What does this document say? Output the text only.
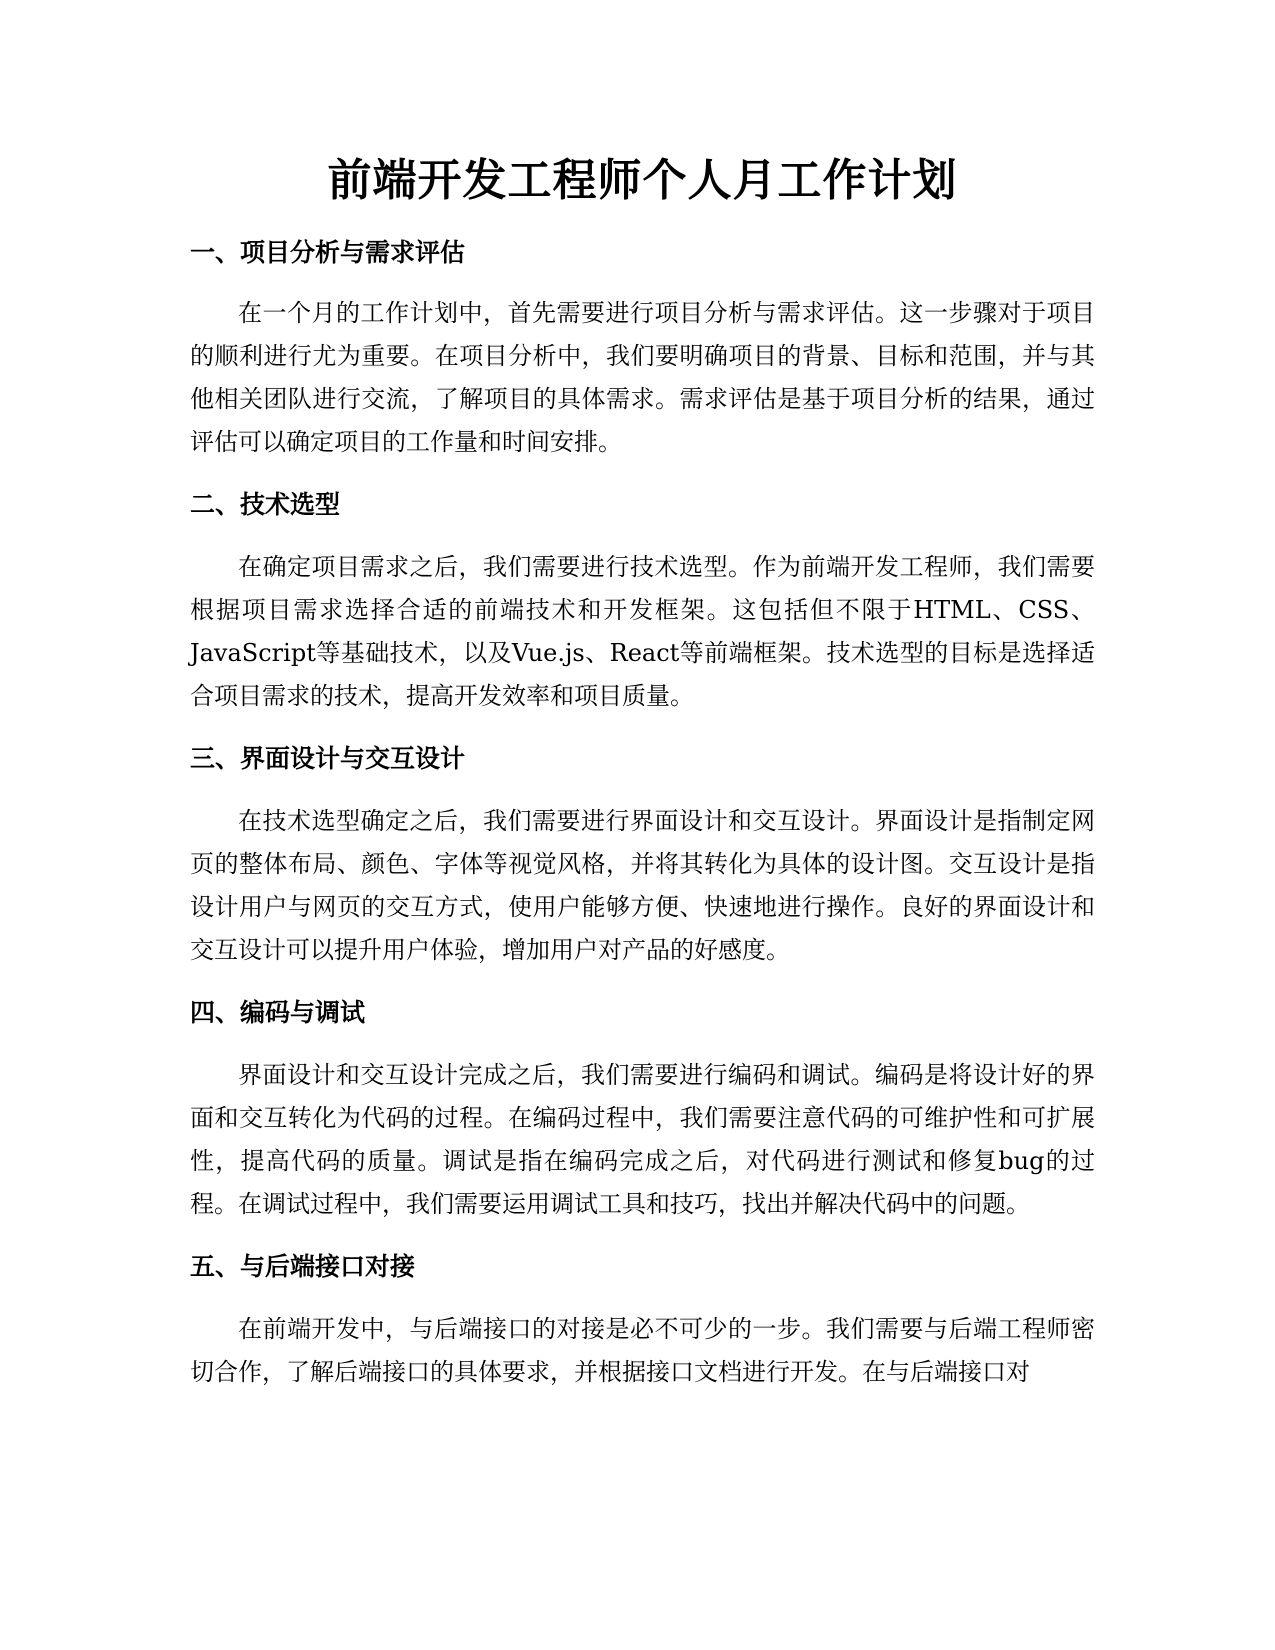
前端开发工程师个人月工作计划
一、项目分析与需求评估

在一个月的工作计划中，首先需要进行项目分析与需求评估。这一步骤对于项目的顺利进行尤为重要。在项目分析中，我们要明确项目的背景、目标和范围，并与其他相关团队进行交流，了解项目的具体需求。需求评估是基于项目分析的结果，通过评估可以确定项目的工作量和时间安排。

二、技术选型

在确定项目需求之后，我们需要进行技术选型。作为前端开发工程师，我们需要根据项目需求选择合适的前端技术和开发框架。这包括但不限于HTML、CSS、JavaScript等基础技术，以及Vue.js、React等前端框架。技术选型的目标是选择适合项目需求的技术，提高开发效率和项目质量。

三、界面设计与交互设计

在技术选型确定之后，我们需要进行界面设计和交互设计。界面设计是指制定网页的整体布局、颜色、字体等视觉风格，并将其转化为具体的设计图。交互设计是指设计用户与网页的交互方式，使用户能够方便、快速地进行操作。良好的界面设计和交互设计可以提升用户体验，增加用户对产品的好感度。

四、编码与调试

界面设计和交互设计完成之后，我们需要进行编码和调试。编码是将设计好的界面和交互转化为代码的过程。在编码过程中，我们需要注意代码的可维护性和可扩展性，提高代码的质量。调试是指在编码完成之后，对代码进行测试和修复bug的过程。在调试过程中，我们需要运用调试工具和技巧，找出并解决代码中的问题。

五、与后端接口对接

在前端开发中，与后端接口的对接是必不可少的一步。我们需要与后端工程师密切合作，了解后端接口的具体要求，并根据接口文档进行开发。在与后端接口对
